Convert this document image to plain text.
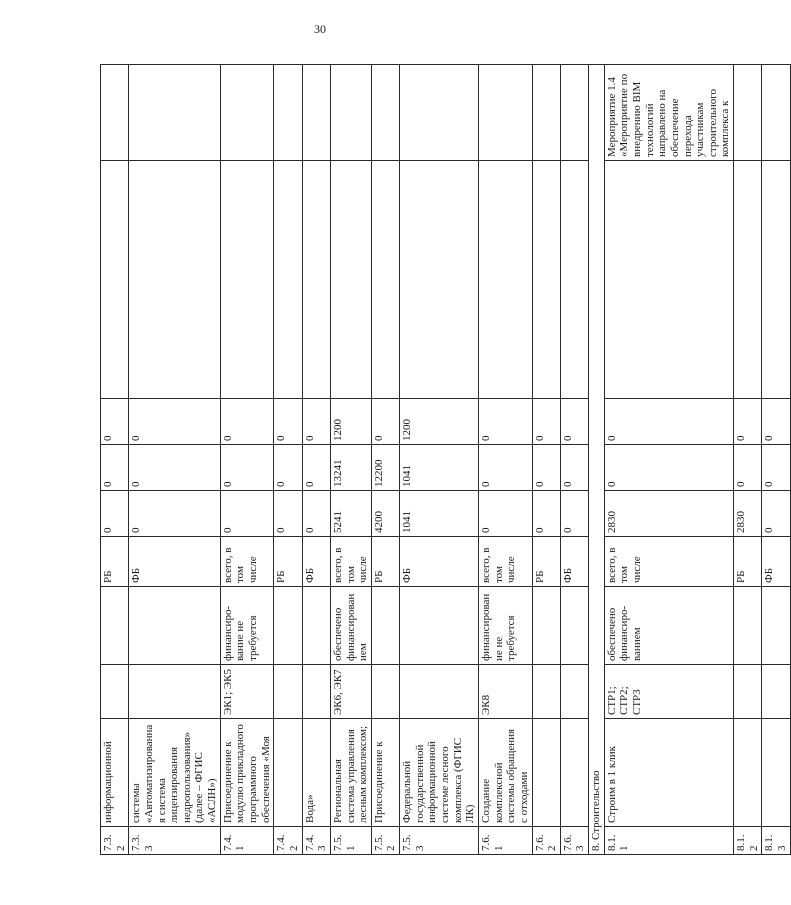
30
7.3.2	информационной			РБ	0	0	0		
7.3.3	системы «Автоматизированная система лицензирования недропользования» (далее – ФГИС «АСЛН»)			ФБ	0	0	0		
7.4.1	Присоединение к модулю прикладного программного обеспечения «Моя	ЭК1; ЭК5	финансиро-вание не требуется	всего, в том числе	0	0	0		
7.4.2				РБ	0	0	0		
7.4.3	Вода»			ФБ	0	0	0		
7.5.1	Региональная система управления лесным комплексом;	ЭК6, ЭК7	обеспечено финансирован ием	всего, в том числе	5241	13241	1200		
7.5.2	Присоединение к			РБ	4200	12200	0		
7.5.3	Федеральной государственной информационной системе лесного комплекса (ФГИС ЛК)			ФБ	1041	1041	1200		
7.6.1	Создание комплексной системы обращения с отходами	ЭК8	финансирован ие не требуется	всего, в том числе	0	0	0		
7.6.2				РБ	0	0	0		
7.6.3				ФБ	0	0	0		
8. Строительство									
8.1.1	Строим в 1 клик	СТР1; СТР2; СТР3	обеспечено финансиро-ванием	всего, в том числе	2830	0	0		Мероприятие 1.4 «Мероприятие по внедрению BIM технологий направлено на обеспечение перехода участникам строительного комплекса к
8.1.2				РБ	2830	0	0		
8.1.3				ФБ	0	0	0		
